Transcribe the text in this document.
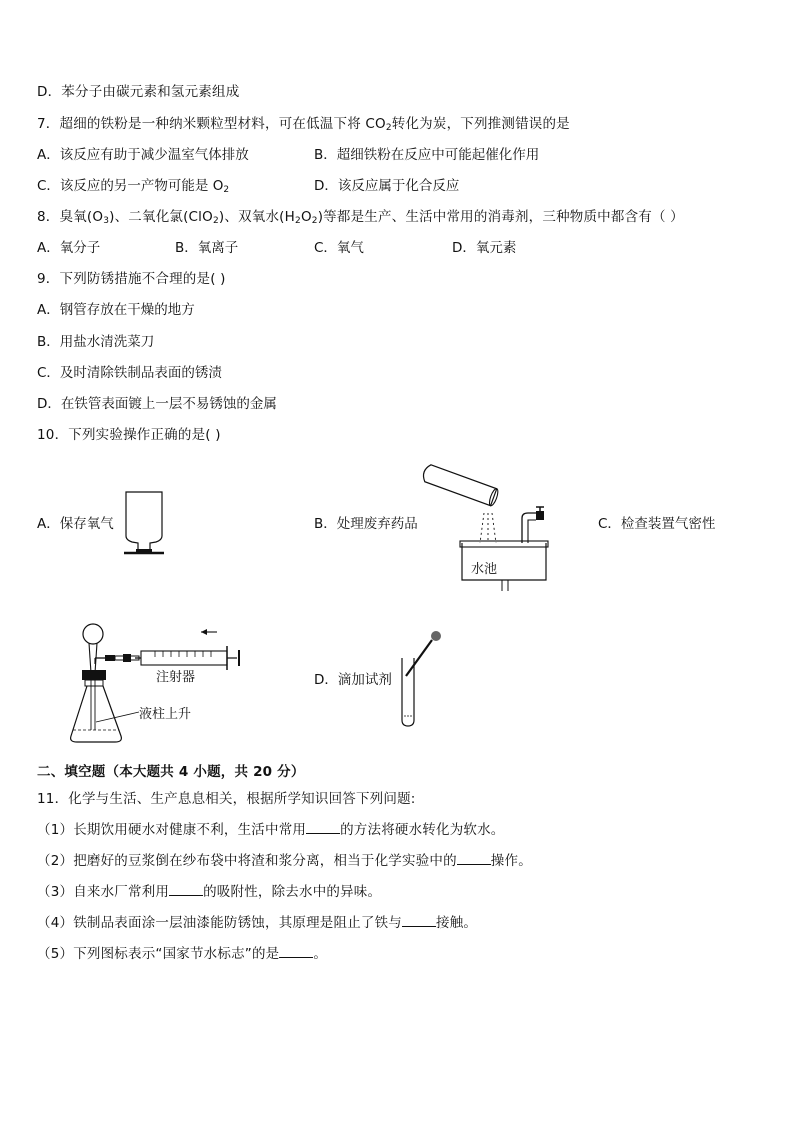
D．苯分子由碳元素和氢元素组成
7．超细的铁粉是一种纳米颗粒型材料，可在低温下将 $CO_2$转化为炭，下列推测错误的是
A．该反应有助于减少温室气体排放	B．超细铁粉在反应中可能起催化作用
C．该反应的另一产物可能是 $O_2$	D．该反应属于化合反应
8．臭氧$(O_3)$、二氧化氯(ClO$_2$)、双氧水$(H_2O_2)$等都是生产、生活中常用的消毒剂，三种物质中都含有（ ）
A．氧分子	B．氧离子	C．氧气	D．氧元素
9．下列防锈措施不合理的是( )
A．钢管存放在干燥的地方
B．用盐水清洗菜刀
C．及时清除铁制品表面的锈渍
D．在铁管表面镀上一层不易锈蚀的金属
10．下列实验操作正确的是( )
A．保存氧气	B．处理废弃药品	C．检查装置气密性
D．滴加试剂
水池
注射器
液柱上升
二、填空题（本大题共 4 小题，共 20 分）
11．化学与生活、生产息息相关，根据所学知识回答下列问题:
（1）长期饮用硬水对健康不利，生活中常用	的方法将硬水转化为软水。
（2）把磨好的豆浆倒在纱布袋中将渣和浆分离，相当于化学实验中的	操作。
（3）自来水厂常利用	的吸附性，除去水中的异味。
（4）铁制品表面涂一层油漆能防锈蚀，其原理是阻止了铁与	接触。
（5）下列图标表示“国家节水标志”的是	。
